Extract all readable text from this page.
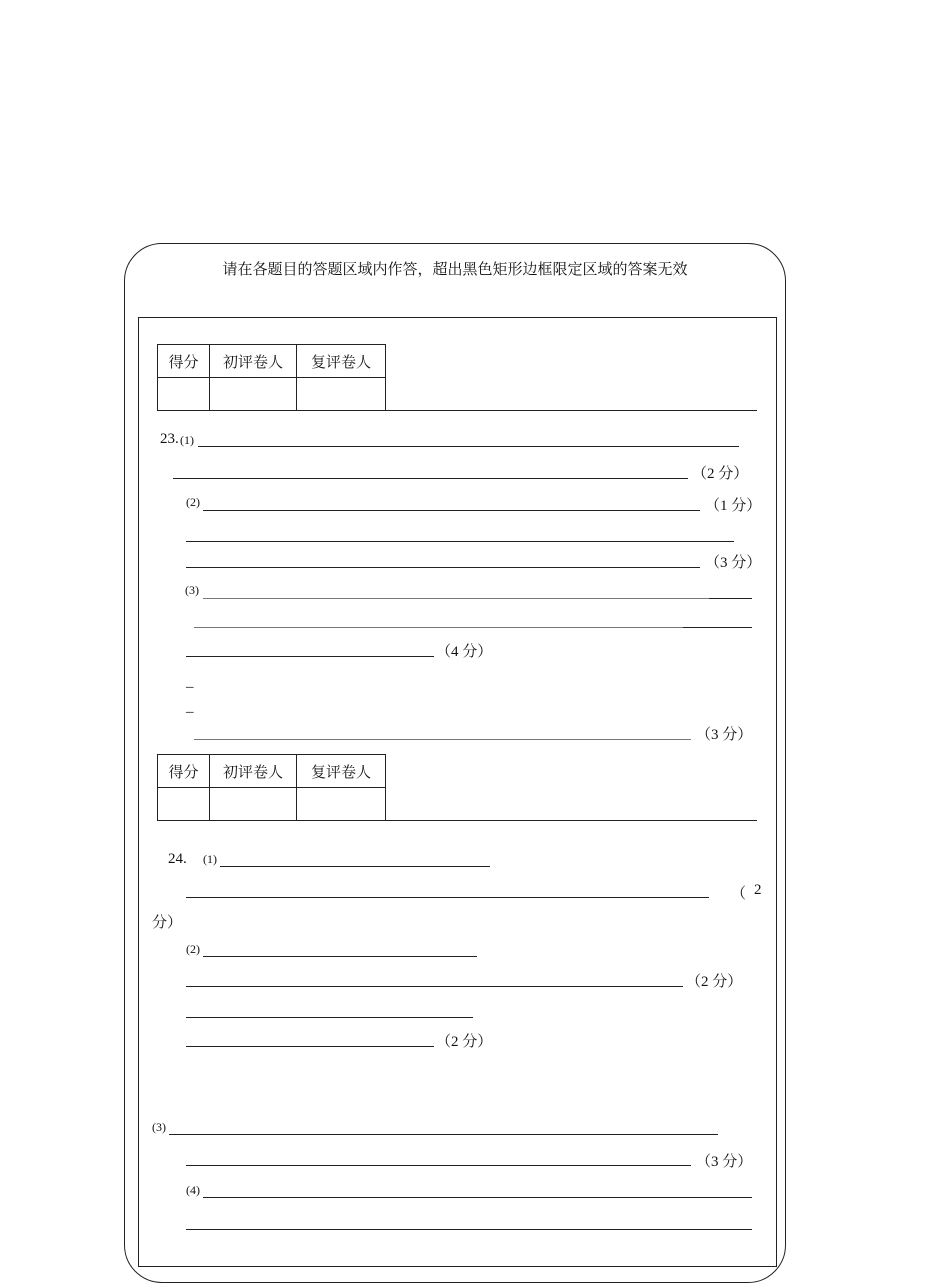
请在各题目的答题区域内作答，超出黑色矩形边框限定区域的答案无效
得分	初评卷人	复评卷人

23. (1)
（2 分）
(2)	（1 分）
（3 分）
(3)
（4 分）
_
_
（3 分）
得分	初评卷人	复评卷人

24. (1)
（ 2
分）
(2)
（2 分）
（2 分）
(3)
（3 分）
(4)
